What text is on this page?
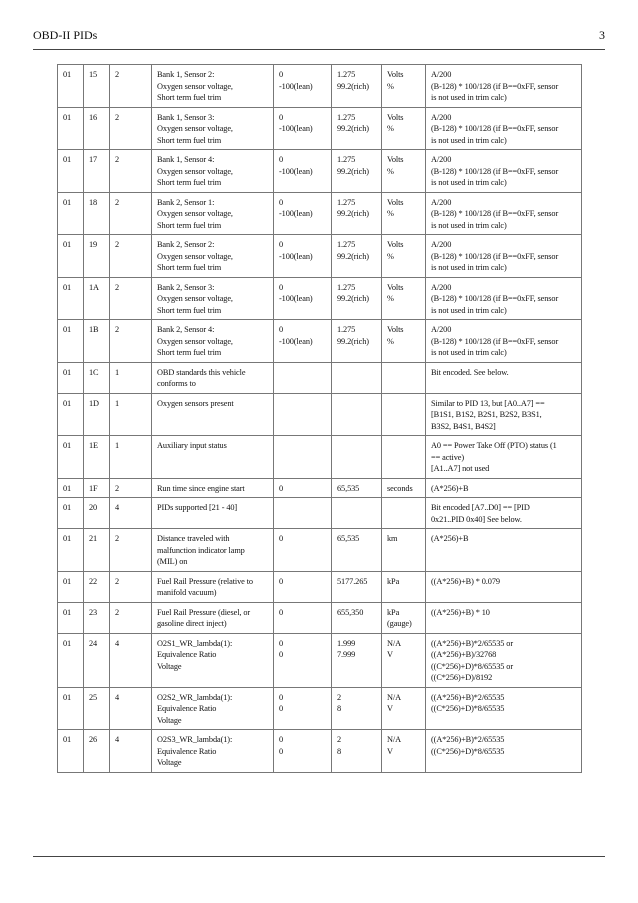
OBD-II PIDs	3
01	15	2	Bank 1, Sensor 2:
Oxygen sensor voltage,
Short term fuel trim	0
-100(lean)	1.275
99.2(rich)	Volts
%	A/200
(B-128) * 100/128 (if B==0xFF, sensor
is not used in trim calc)
01	16	2	Bank 1, Sensor 3:
Oxygen sensor voltage,
Short term fuel trim	0
-100(lean)	1.275
99.2(rich)	Volts
%	A/200
(B-128) * 100/128 (if B==0xFF, sensor
is not used in trim calc)
01	17	2	Bank 1, Sensor 4:
Oxygen sensor voltage,
Short term fuel trim	0
-100(lean)	1.275
99.2(rich)	Volts
%	A/200
(B-128) * 100/128 (if B==0xFF, sensor
is not used in trim calc)
01	18	2	Bank 2, Sensor 1:
Oxygen sensor voltage,
Short term fuel trim	0
-100(lean)	1.275
99.2(rich)	Volts
%	A/200
(B-128) * 100/128 (if B==0xFF, sensor
is not used in trim calc)
01	19	2	Bank 2, Sensor 2:
Oxygen sensor voltage,
Short term fuel trim	0
-100(lean)	1.275
99.2(rich)	Volts
%	A/200
(B-128) * 100/128 (if B==0xFF, sensor
is not used in trim calc)
01	1A	2	Bank 2, Sensor 3:
Oxygen sensor voltage,
Short term fuel trim	0
-100(lean)	1.275
99.2(rich)	Volts
%	A/200
(B-128) * 100/128 (if B==0xFF, sensor
is not used in trim calc)
01	1B	2	Bank 2, Sensor 4:
Oxygen sensor voltage,
Short term fuel trim	0
-100(lean)	1.275
99.2(rich)	Volts
%	A/200
(B-128) * 100/128 (if B==0xFF, sensor
is not used in trim calc)
01	1C	1	OBD standards this vehicle
conforms to				Bit encoded. See below.
01	1D	1	Oxygen sensors present				Similar to PID 13, but [A0..A7] ==
[B1S1, B1S2, B2S1, B2S2, B3S1,
B3S2, B4S1, B4S2]
01	1E	1	Auxiliary input status				A0 == Power Take Off (PTO) status (1
== active)
[A1..A7] not used
01	1F	2	Run time since engine start	0	65,535	seconds	(A*256)+B
01	20	4	PIDs supported [21 - 40]				Bit encoded [A7..D0] == [PID
0x21..PID 0x40] See below.
01	21	2	Distance traveled with
malfunction indicator lamp
(MIL) on	0	65,535	km	(A*256)+B
01	22	2	Fuel Rail Pressure (relative to
manifold vacuum)	0	5177.265	kPa	((A*256)+B) * 0.079
01	23	2	Fuel Rail Pressure (diesel, or
gasoline direct inject)	0	655,350	kPa (gauge)	((A*256)+B) * 10
01	24	4	O2S1_WR_lambda(1):
Equivalence Ratio
Voltage	0
0	1.999
7.999	N/A
V	((A*256)+B)*2/65535 or
((A*256)+B)/32768
((C*256)+D)*8/65535 or
((C*256)+D)/8192
01	25	4	O2S2_WR_lambda(1):
Equivalence Ratio
Voltage	0
0	2
8	N/A
V	((A*256)+B)*2/65535
((C*256)+D)*8/65535
01	26	4	O2S3_WR_lambda(1):
Equivalence Ratio
Voltage	0
0	2
8	N/A
V	((A*256)+B)*2/65535
((C*256)+D)*8/65535
